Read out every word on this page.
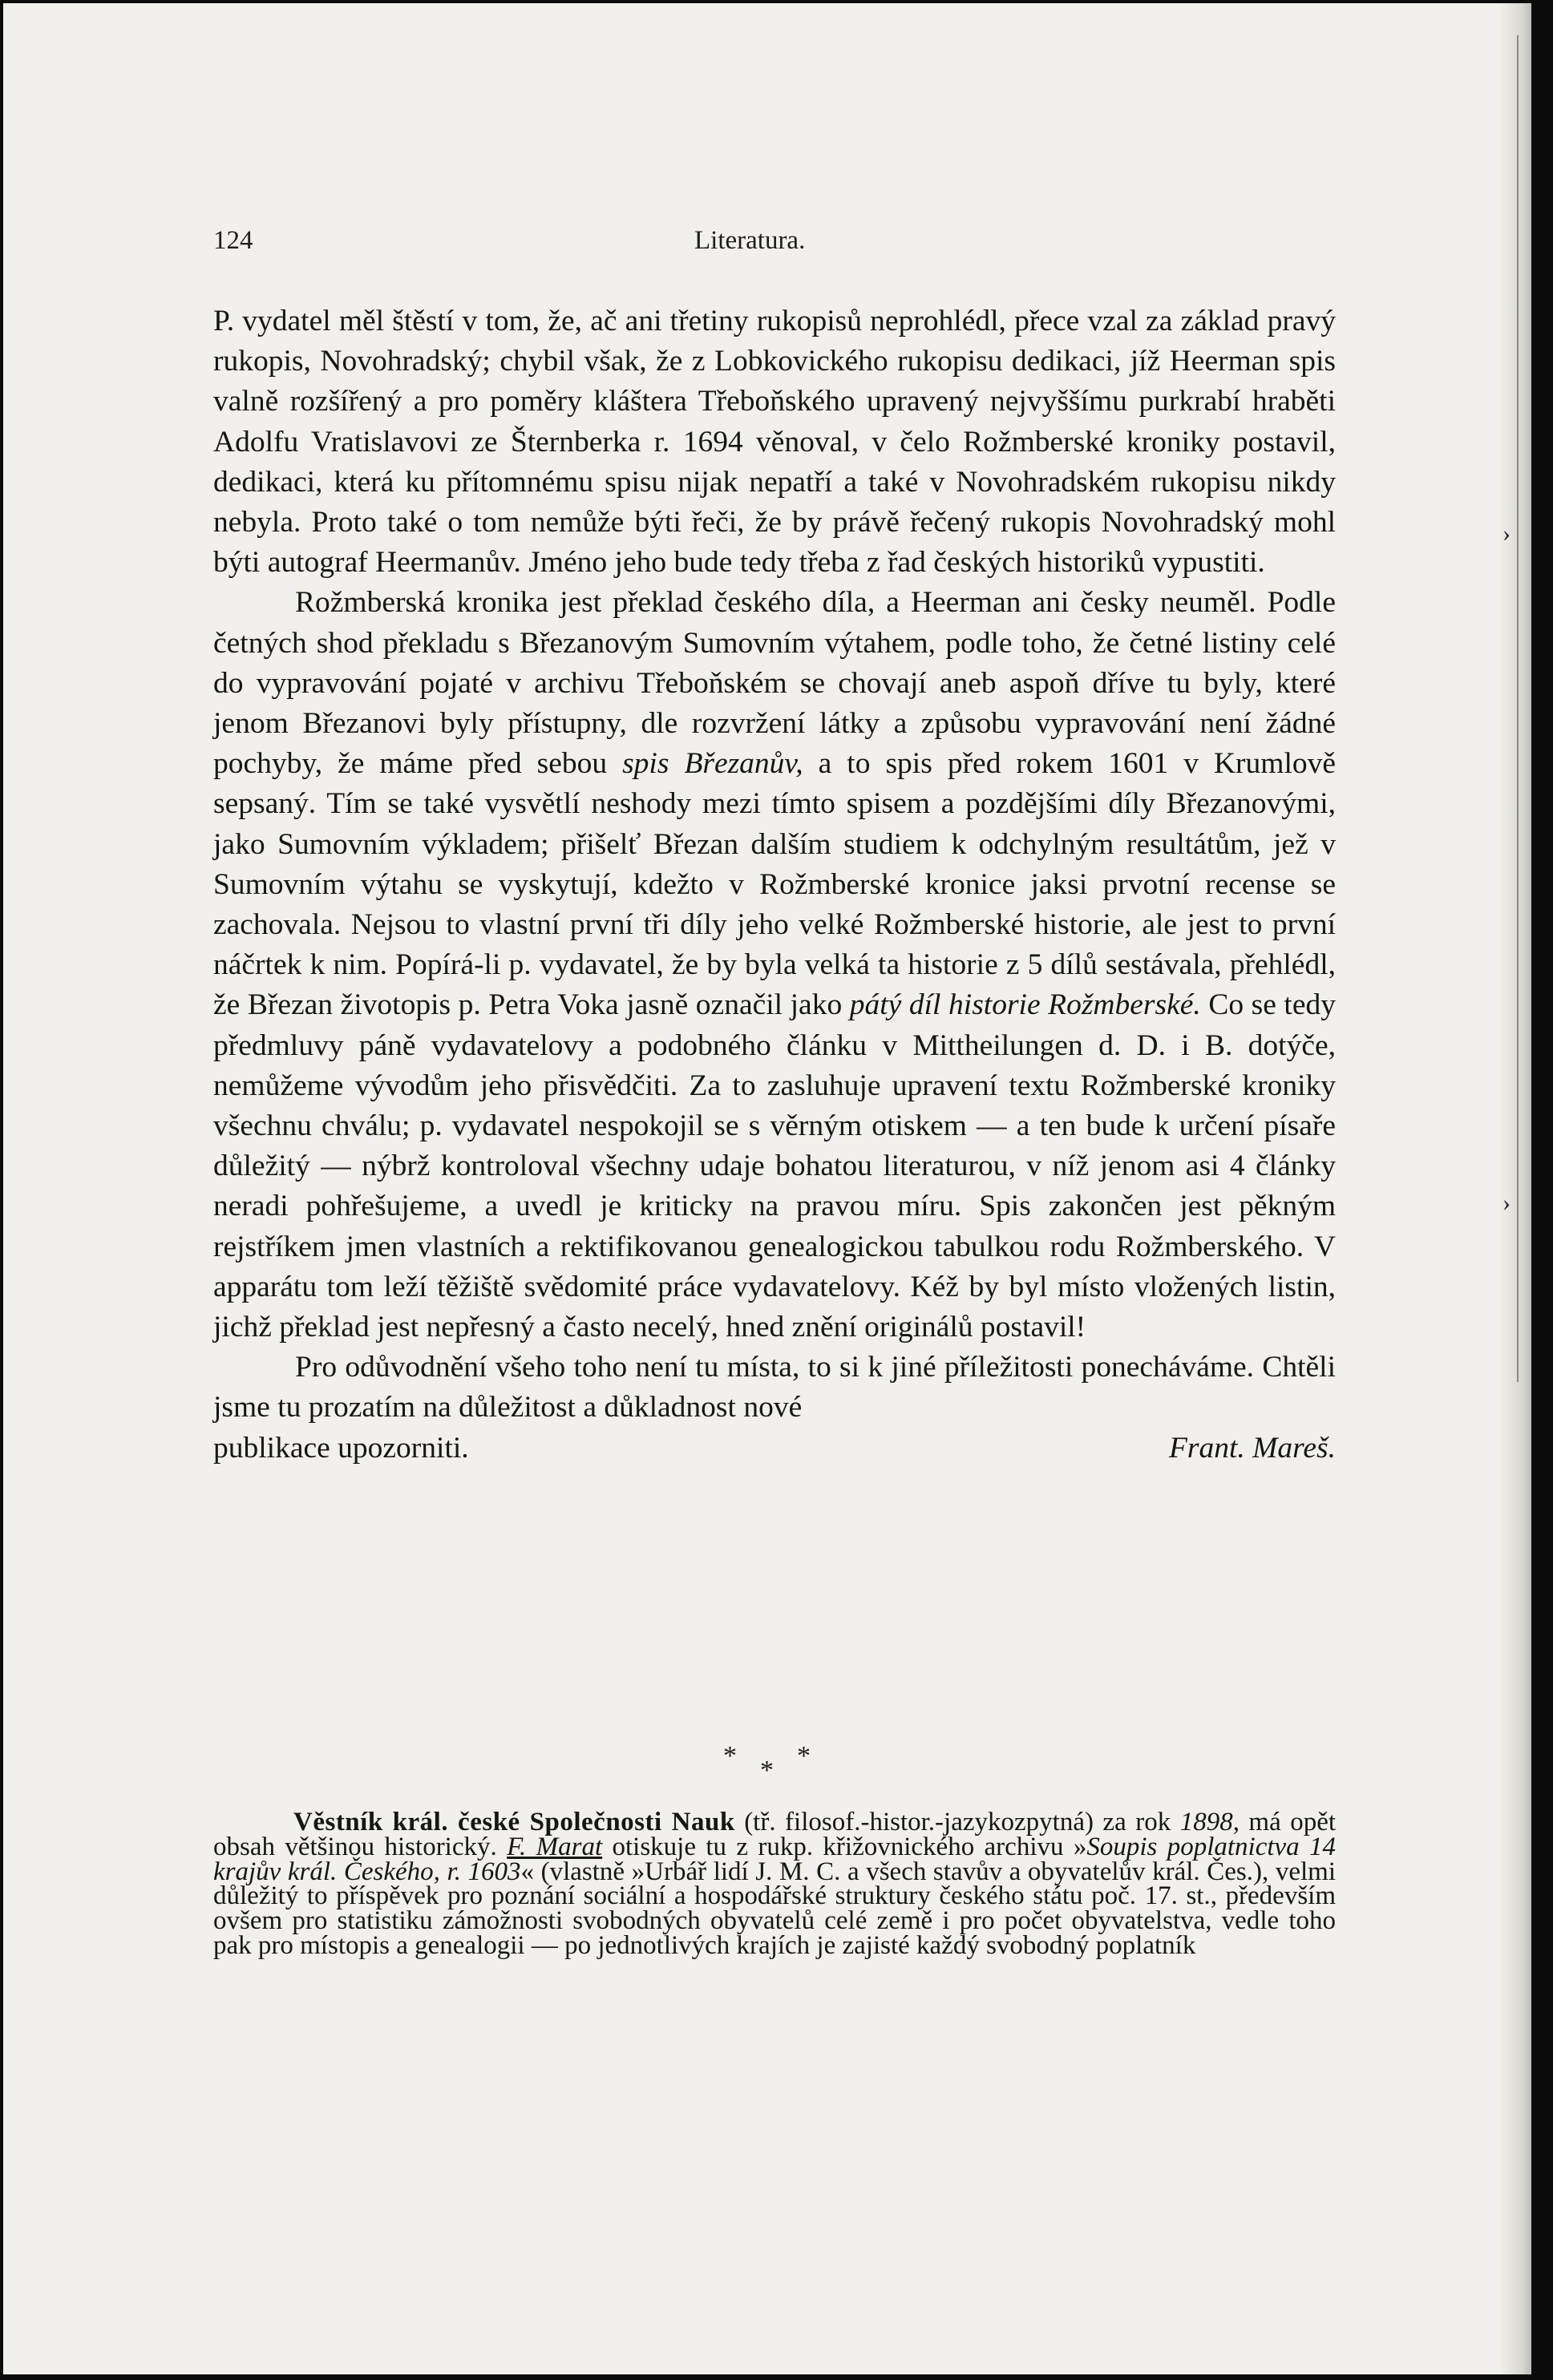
124	Literatura.

P. vydatel měl štěstí v tom, že, ač ani třetiny rukopisů neprohlédl, přece vzal za základ pravý rukopis, Novohradský; chybil však, že z Lobkovického rukopisu dedikaci, jíž Heerman spis valně rozšířený a pro poměry kláštera Třeboňského upravený nejvyššímu purkrabí hraběti Adolfu Vratislavovi ze Šternberka r. 1694 věnoval, v čelo Rožmberské kroniky postavil, dedikaci, která ku přítomnému spisu nijak nepatří a také v Novohradském rukopisu nikdy nebyla. Proto také o tom nemůže býti řeči, že by právě řečený rukopis Novohradský mohl býti autograf Heermanův. Jméno jeho bude tedy třeba z řad českých historiků vypustiti.

Rožmberská kronika jest překlad českého díla, a Heerman ani česky neuměl. Podle četných shod překladu s Březanovým Sumovním výtahem, podle toho, že četné listiny celé do vypravování pojaté v archivu Třeboňském se chovají aneb aspoň dříve tu byly, které jenom Březanovi byly přístupny, dle rozvržení látky a způsobu vypravování není žádné pochyby, že máme před sebou spis Březanův, a to spis před rokem 1601 v Krumlově sepsaný. Tím se také vysvětlí neshody mezi tímto spisem a pozdějšími díly Březanovými, jako Sumovním výkladem; přišelť Březan dalším studiem k odchylným resultátům, jež v Sumovním výtahu se vyskytují, kdežto v Rožmberské kronice jaksi prvotní recense se zachovala. Nejsou to vlastní první tři díly jeho velké Rožmberské historie, ale jest to první náčrtek k nim. Popírá-li p. vydavatel, že by byla velká ta historie z 5 dílů sestávala, přehlédl, že Březan životopis p. Petra Voka jasně označil jako pátý díl historie Rožmberské. Co se tedy předmluvy páně vydavatelovy a podobného článku v Mittheilungen d. D. i B. dotýče, nemůžeme vývodům jeho přisvědčiti. Za to zasluhuje upravení textu Rožmberské kroniky všechnu chválu; p. vydavatel nespokojil se s věrným otiskem — a ten bude k určení písaře důležitý — nýbrž kontroloval všechny udaje bohatou literaturou, v níž jenom asi 4 články neradi pohřešujeme, a uvedl je kriticky na pravou míru. Spis zakončen jest pěkným rejstříkem jmen vlastních a rektifikovanou genealogickou tabulkou rodu Rožmberského. V apparátu tom leží těžiště svědomité práce vydavatelovy. Kéž by byl místo vložených listin, jichž překlad jest nepřesný a často necelý, hned znění originálů postavil!

Pro odůvodnění všeho toho není tu místa, to si k jiné příležitosti ponecháváme. Chtěli jsme tu prozatím na důležitost a důkladnost nové

publikace upozorniti.	Frant. Mareš.
* * *

Věstník král. české Společnosti Nauk (tř. filosof.-histor.-jazykozpytná) za rok 1898, má opět obsah většinou historický. F. Marat otiskuje tu z rukp. křižovnického archivu »Soupis poplatnictva 14 krajův král. Českého, r. 1603« (vlastně »Urbář lidí J. M. C. a všech stavův a obyvatelův král. Čes.), velmi důležitý to příspěvek pro poznání sociální a hospodářské struktury českého státu poč. 17. st., především ovšem pro statistiku zámožnosti svobodných obyvatelů celé země i pro počet obyvatelstva, vedle toho pak pro místopis a genealogii — po jednotlivých krajích je zajisté každý svobodný poplatník

›
›
